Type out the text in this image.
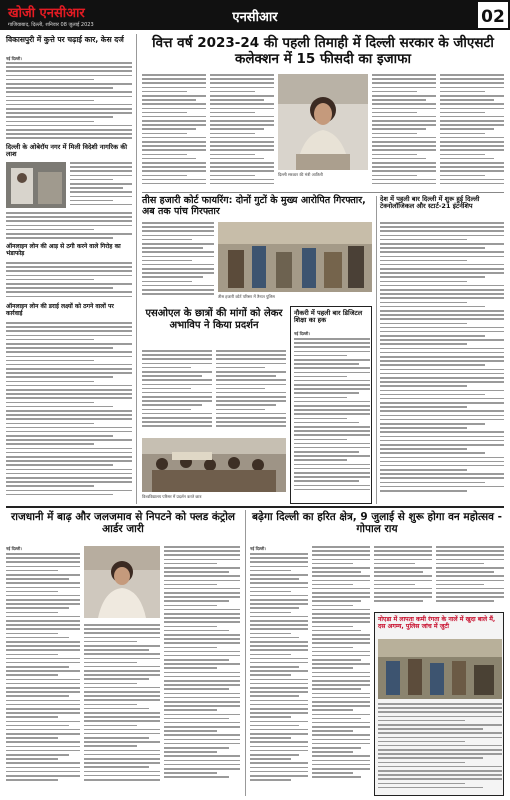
खोजी एनसीआर
गाजियाबाद, दिल्ली, शनिवार 08 जुलाई 2023	एनसीआर	02
विकासपुरी में कुत्ते पर चढ़ाई कार, केस दर्ज
नई दिल्ली।
दिल्ली के ओबेरॉय नगर में मिली विदेशी नागरिक की लाश
ऑनलाइन लोन की आड़ से ठगी करने वाले गिरोह का भंडाफोड़
ऑनलाइन लोन की डराई लक्ष्यों को ठगने वालों पर कार्रवाई
वित्त वर्ष 2023-24 की पहली तिमाही में दिल्ली सरकार के जीएसटी कलेक्शन में 15 फीसदी का इजाफा
दिल्ली सरकार की मंत्री आतिशी
तीस हजारी कोर्ट फायरिंग: दोनों गुटों के मुख्य आरोपित गिरफ्तार, अब तक पांच गिरफ्तार
तीस हजारी कोर्ट परिसर में तैनात पुलिस
देश में पहली बार दिल्ली में शुरू हुई दिल्ली टेक्नोलॉजिकल और स्टार्ट-21 इंटर्नशिप
नौकरी में पहली बार डिजिटल शिक्षा का हक
नई दिल्ली।
एसओएल के छात्रों की मांगों को लेकर अभाविप ने किया प्रदर्शन
विश्वविद्यालय परिसर में प्रदर्शन करते छात्र
राजधानी में बाढ़ और जलजमाव से निपटने को फ्लड कंट्रोल आर्डर जारी
नई दिल्ली।
बढ़ेगा दिल्ली का हरित क्षेत्र, 9 जुलाई से शुरू होगा वन महोत्सव - गोपाल राय
नई दिल्ली।
नोएडा में लापता कमी रंगता के नालें में खुदा बाले मैं, दस अगम्य, पुलिस जांच में जुटी
